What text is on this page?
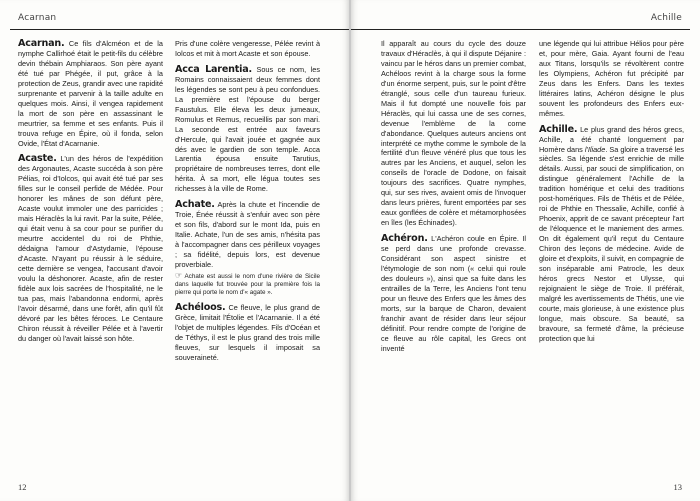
Acarnan

Acarnan. Ce fils d'Alcméon et de la nymphe Callirhoé était le petit-fils du célèbre devin thébain Amphiaraos. Son père ayant été tué par Phégée, il put, grâce à la protection de Zeus, grandir avec une rapidité surprenante et parvenir à la taille adulte en quelques mois. Ainsi, il vengea rapidement la mort de son père en assassinant le meurtrier, sa femme et ses enfants. Puis il trouva refuge en Épire, où il fonda, selon Ovide, l'État d'Acarnanie.

Acaste. L'un des héros de l'expédition des Argonautes, Acaste succéda à son père Pélias, roi d'Iolcos, qui avait été tué par ses filles sur le conseil perfide de Médée. Pour honorer les mânes de son défunt père, Acaste voulut immoler une des parricides ; mais Héraclès la lui ravit. Par la suite, Pélée, qui était venu à sa cour pour se purifier du meurtre accidentel du roi de Phthie, dédaigna l'amour d'Astydamie, l'épouse d'Acaste. N'ayant pu réussir à le séduire, cette dernière se vengea, l'accusant d'avoir voulu la déshonorer. Acaste, afin de rester fidèle aux lois sacrées de l'hospitalité, ne le tua pas, mais l'abandonna endormi, après l'avoir désarmé, dans une forêt, afin qu'il fût dévoré par les bêtes féroces. Le Centaure Chiron réussit à réveiller Pélée et à l'avertir du danger où l'avait laissé son hôte.

Pris d'une colère vengeresse, Pélée revint à Iolcos et mit à mort Acaste et son épouse.

Acca Larentia. Sous ce nom, les Romains connaissaient deux femmes dont les légendes se sont peu à peu confondues. La première est l'épouse du berger Faustulus. Elle éleva les deux jumeaux, Romulus et Remus, recueillis par son mari. La seconde est entrée aux faveurs d'Hercule, qui l'avait jouée et gagnée aux dés avec le gardien de son temple. Acca Larentia épousa ensuite Tarutius, propriétaire de nombreuses terres, dont elle hérita. À sa mort, elle légua toutes ses richesses à la ville de Rome.

Achate. Après la chute et l'incendie de Troie, Énée réussit à s'enfuir avec son père et son fils, d'abord sur le mont Ida, puis en Italie. Achate, l'un de ses amis, n'hésita pas à l'accompagner dans ces périlleux voyages ; sa fidélité, depuis lors, est devenue proverbiale.

☞ Achate est aussi le nom d'une rivière de Sicile dans laquelle fut trouvée pour la première fois la pierre qui porte le nom d'« agate ».

Achéloos. Ce fleuve, le plus grand de Grèce, limitait l'Étolie et l'Acarnanie. Il a été l'objet de multiples légendes. Fils d'Océan et de Téthys, il est le plus grand des trois mille fleuves, sur lesquels il imposait sa souveraineté.

12
Achille

Il apparaît au cours du cycle des douze travaux d'Héraclès, à qui il dispute Déjanire : vaincu par le héros dans un premier combat, Achéloos revint à la charge sous la forme d'un énorme serpent, puis, sur le point d'être étranglé, sous celle d'un taureau furieux. Mais il fut dompté une nouvelle fois par Héraclès, qui lui cassa une de ses cornes, devenue l'emblème de la corne d'abondance. Quelques auteurs anciens ont interprété ce mythe comme le symbole de la fertilité d'un fleuve vénéré plus que tous les autres par les Anciens, et auquel, selon les conseils de l'oracle de Dodone, on faisait toujours des sacrifices. Quatre nymphes, qui, sur ses rives, avaient omis de l'invoquer dans leurs prières, furent emportées par ses eaux gonflées de colère et métamorphosées en îles (les Échinades).

Achéron. L'Achéron coule en Épire. Il se perd dans une profonde crevasse. Considérant son aspect sinistre et l'étymologie de son nom (« celui qui roule des douleurs »), ainsi que sa fuite dans les entrailles de la Terre, les Anciens l'ont tenu pour un fleuve des Enfers que les âmes des morts, sur la barque de Charon, devaient franchir avant de résider dans leur séjour définitif. Pour rendre compte de l'origine de ce fleuve au rôle capital, les Grecs ont inventé

une légende qui lui attribue Hélios pour père et, pour mère, Gaia. Ayant fourni de l'eau aux Titans, lorsqu'ils se révoltèrent contre les Olympiens, Achéron fut précipité par Zeus dans les Enfers. Dans les textes littéraires latins, Achéron désigne le plus souvent les profondeurs des Enfers eux-mêmes.

Achille. Le plus grand des héros grecs, Achille, a été chanté longuement par Homère dans l'Iliade. Sa gloire a traversé les siècles. Sa légende s'est enrichie de mille détails. Aussi, par souci de simplification, on distingue généralement l'Achille de la tradition homérique et celui des traditions post-homériques. Fils de Thétis et de Pélée, roi de Phthie en Thessalie, Achille, confié à Phoenix, apprit de ce savant précepteur l'art de l'éloquence et le maniement des armes. On dit également qu'il reçut du Centaure Chiron des leçons de médecine. Avide de gloire et d'exploits, il suivit, en compagnie de son inséparable ami Patrocle, les deux héros grecs Nestor et Ulysse, qui rejoignaient le siège de Troie. Il préférait, malgré les avertissements de Thétis, une vie courte, mais glorieuse, à une existence plus longue, mais obscure. Sa beauté, sa bravoure, sa fermeté d'âme, la précieuse protection que lui

13
